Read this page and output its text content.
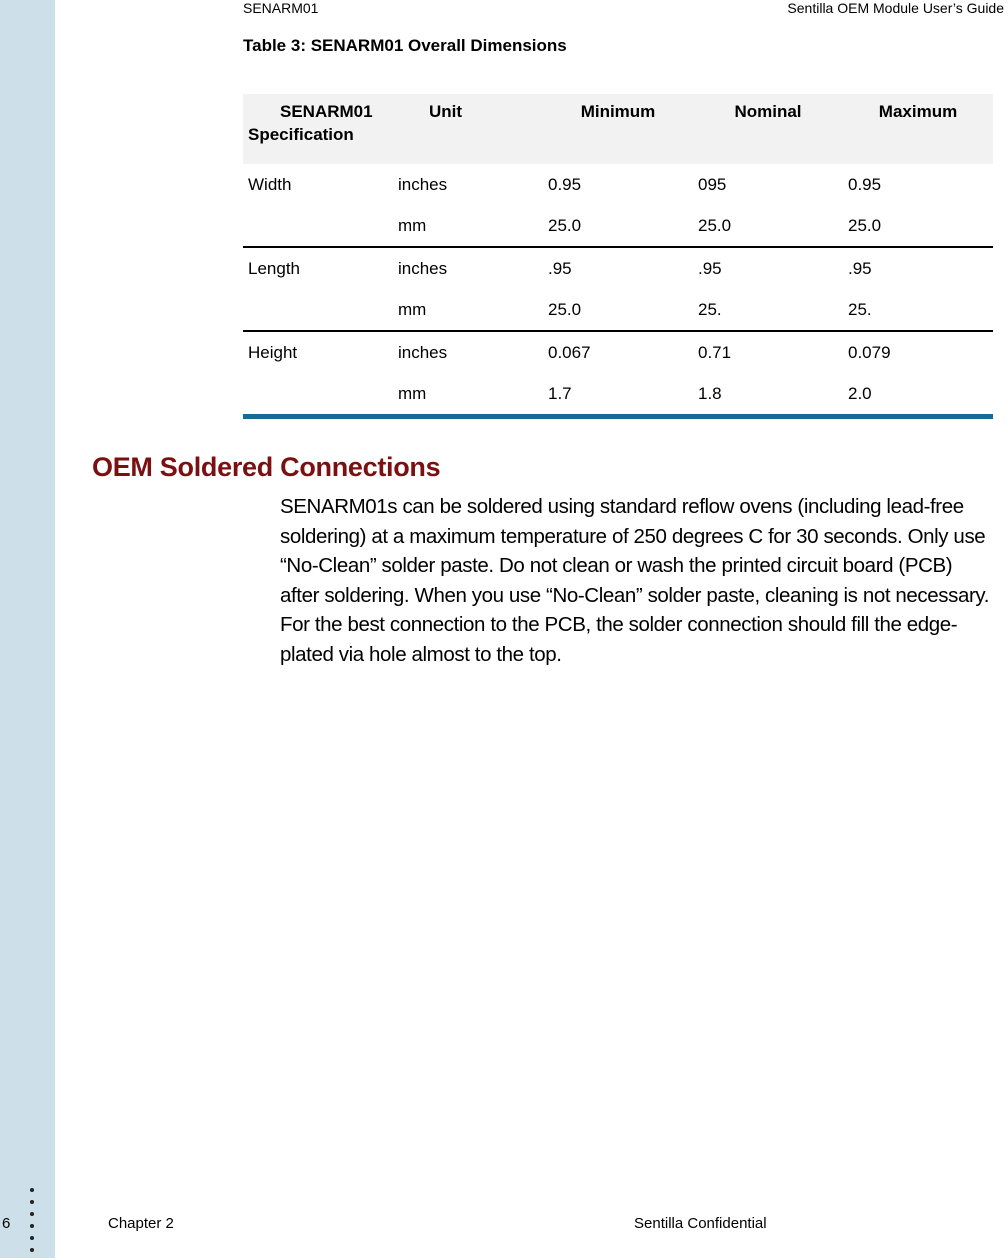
SENARM01	Sentilla OEM Module User’s Guide
Table 3: SENARM01 Overall Dimensions
SENARM01
Specification	Unit	Minimum	Nominal	Maximum
Width	inches	0.95	095	0.95
	mm	25.0	25.0	25.0
Length	inches	.95	.95	.95
	mm	25.0	25.	25.
Height	inches	0.067	0.71	0.079
	mm	1.7	1.8	2.0
OEM Soldered Connections
SENARM01s can be soldered using standard reflow ovens (including lead-free soldering) at a maximum temperature of 250 degrees C for 30 seconds. Only use “No-Clean” solder paste. Do not clean or wash the printed circuit board (PCB) after soldering. When you use “No-Clean” solder paste, cleaning is not necessary. For the best connection to the PCB, the solder connection should fill the edge-plated via hole almost to the top.
6	Chapter 2	Sentilla Confidential
